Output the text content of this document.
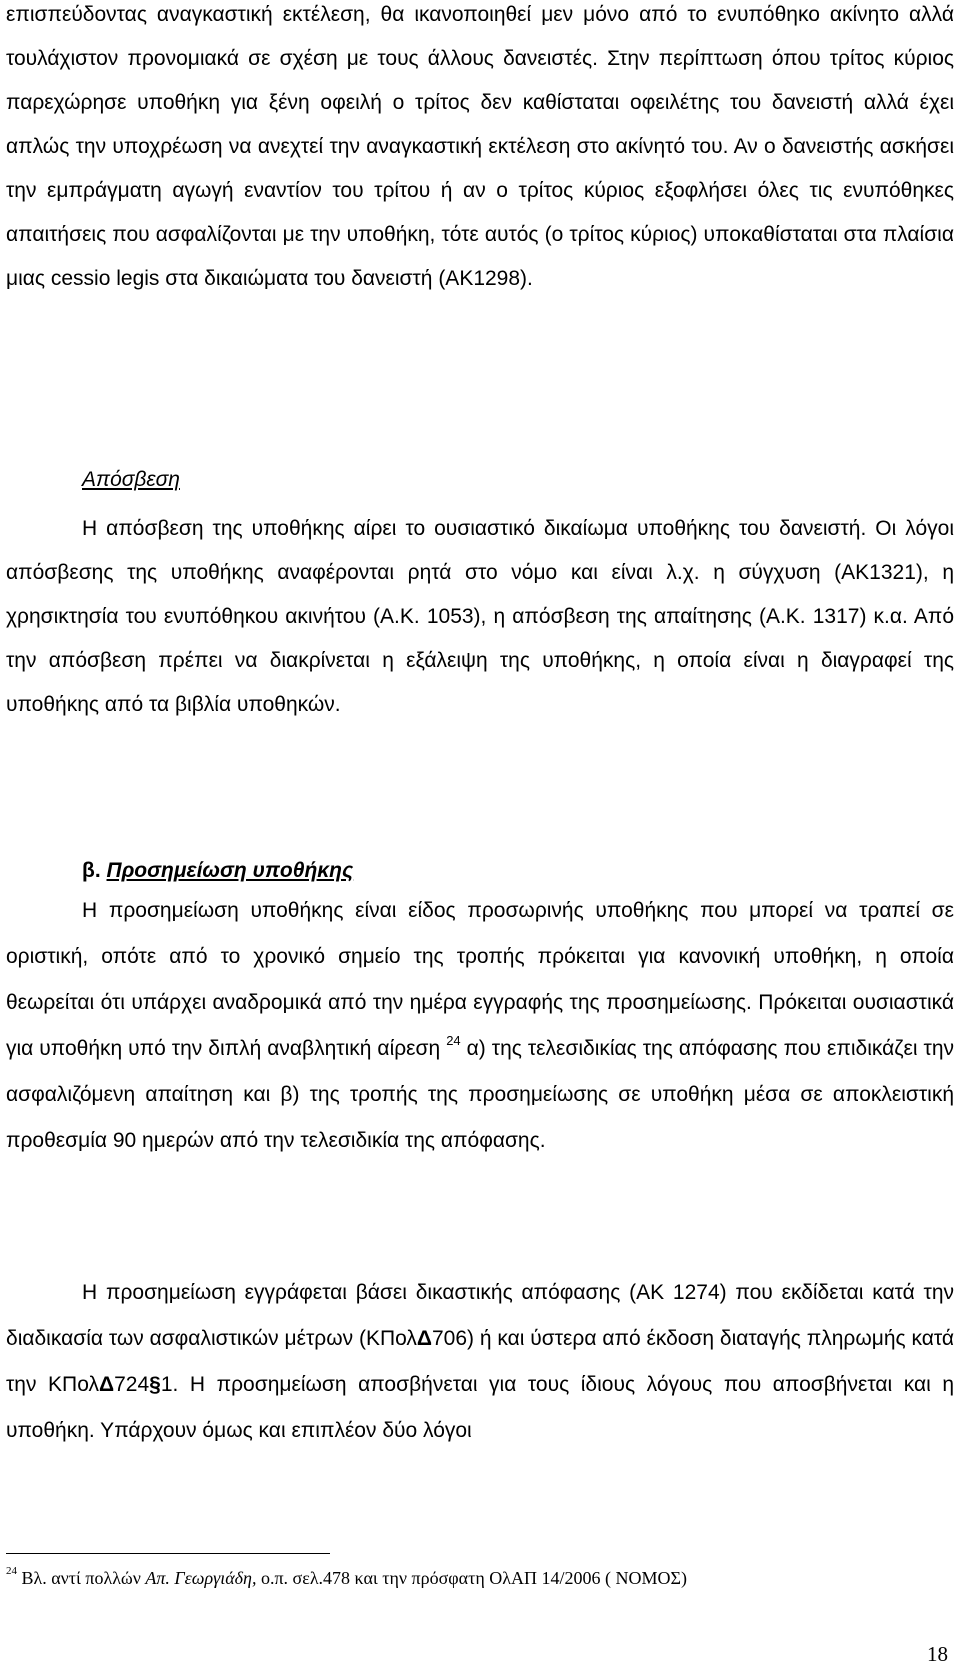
επισπεύδοντας αναγκαστική εκτέλεση, θα ικανοποιηθεί μεν μόνο από το ενυπόθηκο ακίνητο αλλά τουλάχιστον προνομιακά σε σχέση με τους άλλους δανειστές. Στην περίπτωση όπου τρίτος κύριος παρεχώρησε υποθήκη για ξένη οφειλή ο τρίτος δεν καθίσταται οφειλέτης του δανειστή αλλά έχει απλώς την υποχρέωση να ανεχτεί την αναγκαστική εκτέλεση στο ακίνητό του. Αν ο δανειστής ασκήσει την εμπράγματη αγωγή εναντίον του τρίτου ή αν ο τρίτος κύριος εξοφλήσει όλες τις ενυπόθηκες απαιτήσεις που ασφαλίζονται με την υποθήκη, τότε αυτός (ο τρίτος κύριος) υποκαθίσταται στα πλαίσια μιας cessio legis στα δικαιώματα του δανειστή (ΑΚ1298).

Απόσβεση

Η απόσβεση της υποθήκης αίρει το ουσιαστικό δικαίωμα υποθήκης του δανειστή. Οι λόγοι απόσβεσης της υποθήκης αναφέρονται ρητά στο νόμο και είναι λ.χ. η σύγχυση (ΑΚ1321), η χρησικτησία του ενυπόθηκου ακινήτου (Α.Κ. 1053), η απόσβεση της απαίτησης (Α.Κ. 1317) κ.α. Από την απόσβεση πρέπει να διακρίνεται η εξάλειψη της υποθήκης, η οποία είναι η διαγραφεί της υποθήκης από τα βιβλία υποθηκών.

β. Προσημείωση υποθήκης

Η προσημείωση υποθήκης είναι είδος προσωρινής υποθήκης που μπορεί να τραπεί σε οριστική, οπότε από το χρονικό σημείο της τροπής πρόκειται για κανονική υποθήκη, η οποία θεωρείται ότι υπάρχει αναδρομικά από την ημέρα εγγραφής της προσημείωσης. Πρόκειται ουσιαστικά για υποθήκη υπό την διπλή αναβλητική αίρεση $^{24}$ α) της τελεσιδικίας της απόφασης που επιδικάζει την ασφαλιζόμενη απαίτηση και β) της τροπής της προσημείωσης σε υποθήκη μέσα σε αποκλειστική προθεσμία 90 ημερών από την τελεσιδικία της απόφασης.

Η προσημείωση εγγράφεται βάσει δικαστικής απόφασης (ΑΚ 1274) που εκδίδεται κατά την διαδικασία των ασφαλιστικών μέτρων (ΚΠολΔ706) ή και ύστερα από έκδοση διαταγής πληρωμής κατά την ΚΠολΔ724§1. Η προσημείωση αποσβήνεται για τους ίδιους λόγους που αποσβήνεται και η υποθήκη. Υπάρχουν όμως και επιπλέον δύο λόγοι

$^{24}$ Βλ. αντί πολλών Απ. Γεωργιάδη, ο.π. σελ.478 και την πρόσφατη ΟλΑΠ 14/2006 ( ΝΟΜΟΣ)

18
